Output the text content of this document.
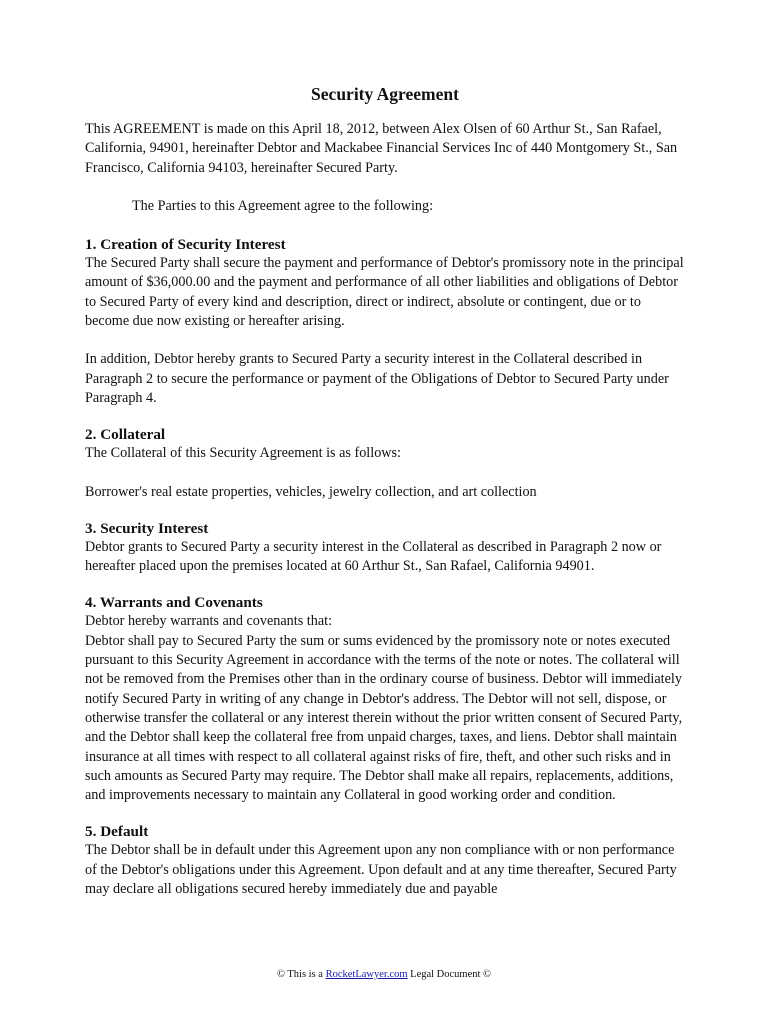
Security Agreement

This AGREEMENT is made on this April 18, 2012, between Alex Olsen of 60 Arthur St., San Rafael, California, 94901, hereinafter Debtor and Mackabee Financial Services Inc of 440 Montgomery St., San Francisco, California 94103, hereinafter Secured Party.

The Parties to this Agreement agree to the following:

1. Creation of Security Interest

The Secured Party shall secure the payment and performance of Debtor's promissory note in the principal amount of $36,000.00 and the payment and performance of all other liabilities and obligations of Debtor to Secured Party of every kind and description, direct or indirect, absolute or contingent, due or to become due now existing or hereafter arising.

In addition, Debtor hereby grants to Secured Party a security interest in the Collateral described in Paragraph 2 to secure the performance or payment of the Obligations of Debtor to Secured Party under Paragraph 4.

2. Collateral

The Collateral of this Security Agreement is as follows:

Borrower's real estate properties, vehicles, jewelry collection, and art collection

3. Security Interest

Debtor grants to Secured Party a security interest in the Collateral as described in Paragraph 2 now or hereafter placed upon the premises located at 60 Arthur St., San Rafael, California 94901.

4. Warrants and Covenants

Debtor hereby warrants and covenants that:

Debtor shall pay to Secured Party the sum or sums evidenced by the promissory note or notes executed pursuant to this Security Agreement in accordance with the terms of the note or notes. The collateral will not be removed from the Premises other than in the ordinary course of business. Debtor will immediately notify Secured Party in writing of any change in Debtor's address. The Debtor will not sell, dispose, or otherwise transfer the collateral or any interest therein without the prior written consent of Secured Party, and the Debtor shall keep the collateral free from unpaid charges, taxes, and liens. Debtor shall maintain insurance at all times with respect to all collateral against risks of fire, theft, and other such risks and in such amounts as Secured Party may require. The Debtor shall make all repairs, replacements, additions, and improvements necessary to maintain any Collateral in good working order and condition.

5. Default

The Debtor shall be in default under this Agreement upon any non compliance with or non performance of the Debtor's obligations under this Agreement. Upon default and at any time thereafter, Secured Party may declare all obligations secured hereby immediately due and payable

© This is a RocketLawyer.com Legal Document ©
